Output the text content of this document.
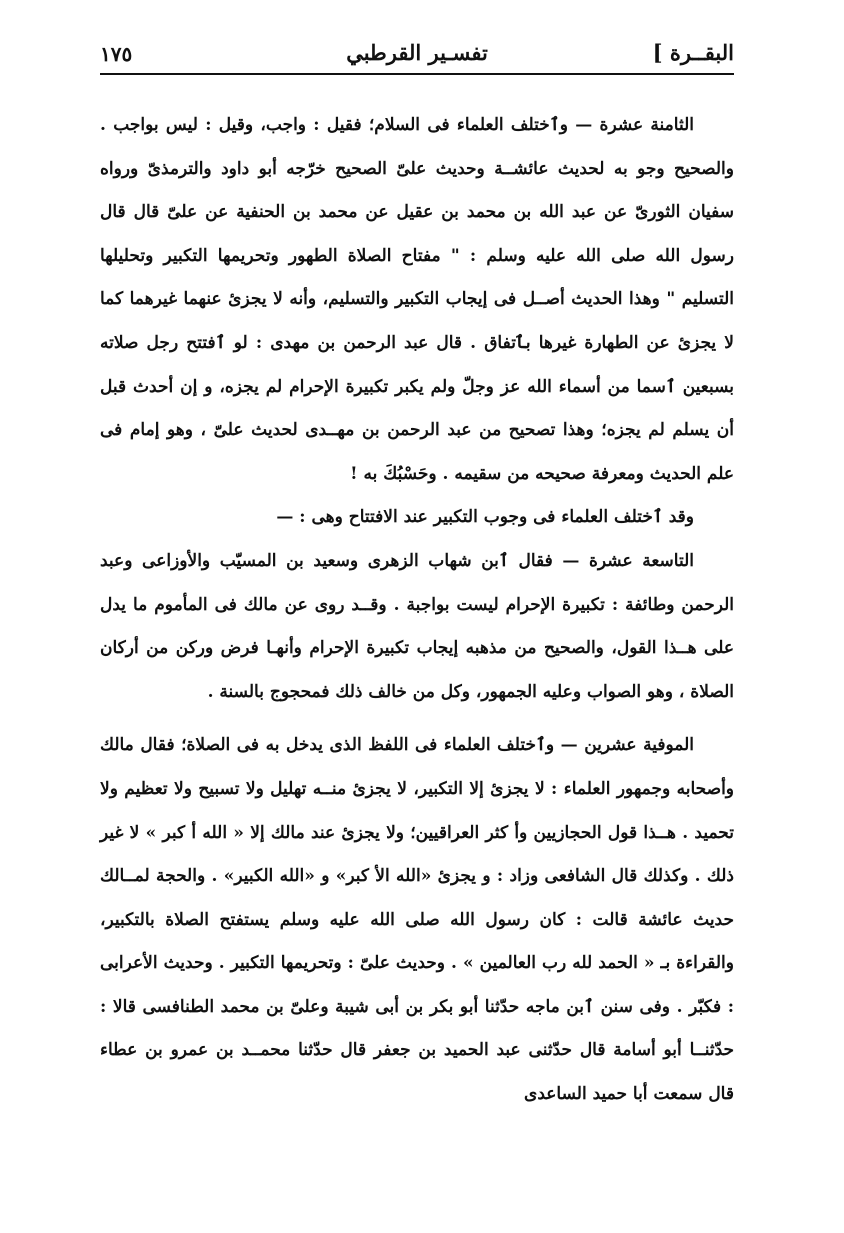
البقــرة ]
تفسـير القرطبي
١٧٥

الثامنة عشرة — وٱختلف العلماء فى السلام؛ فقيل : واجب، وقيل : ليس بواجب . والصحيح وجو به لحديث عائشــة وحديث علىّ الصحيح خرّجه أبو داود والترمذىّ ورواه سفيان الثورىّ عن عبد الله بن محمد بن عقيل عن محمد بن الحنفية عن علىّ قال قال رسول الله صلى الله عليه وسلم : " مفتاح الصلاة الطهور وتحريمها التكبير وتحليلها التسليم " وهذا الحديث أصــل فى إيجاب التكبير والتسليم، وأنه لا يجزئ عنهما غيرهما كما لا يجزئ عن الطهارة غيرها بٱتفاق . قال عبد الرحمن بن مهدى : لو ٱفتتح رجل صلاته بسبعين ٱسما من أسماء الله عز وجلّ ولم يكبر تكبيرة الإحرام لم يجزه، و إن أحدث قبل أن يسلم لم يجزه؛ وهذا تصحيح من عبد الرحمن بن مهــدى لحديث علىّ ، وهو إمام فى علم الحديث ومعرفة صحيحه من سقيمه . وحَسْبُكَ به !

وقد ٱختلف العلماء فى وجوب التكبير عند الافتتاح وهى : —

التاسعة عشرة — فقال ٱبن شهاب الزهرى وسعيد بن المسيّب والأوزاعى وعبد الرحمن وطائفة : تكبيرة الإحرام ليست بواجبة . وقــد روى عن مالك فى المأموم ما يدل على هــذا القول، والصحيح من مذهبه إيجاب تكبيرة الإحرام وأنهـا فرض وركن من أركان الصلاة ، وهو الصواب وعليه الجمهور، وكل من خالف ذلك فمحجوج بالسنة .

الموفية عشرين — وٱختلف العلماء فى اللفظ الذى يدخل به فى الصلاة؛ فقال مالك وأصحابه وجمهور العلماء : لا يجزئ إلا التكبير، لا يجزئ منــه تهليل ولا تسبيح ولا تعظيم ولا تحميد . هــذا قول الحجازيين وأ كثر العراقيين؛ ولا يجزئ عند مالك إلا « الله أ كبر » لا غير ذلك . وكذلك قال الشافعى وزاد : و يجزئ «الله الأ كبر» و «الله الكبير» . والحجة لمــالك حديث عائشة قالت : كان رسول الله صلى الله عليه وسلم يستفتح الصلاة بالتكبير، والقراءة بـ « الحمد لله رب العالمين » . وحديث علىّ : وتحريمها التكبير . وحديث الأعرابى : فكبّر . وفى سنن ٱبن ماجه حدّثنا أبو بكر بن أبى شيبة وعلىّ بن محمد الطنافسى قالا : حدّثنــا أبو أسامة قال حدّثنى عبد الحميد بن جعفر قال حدّثنا محمــد بن عمرو بن عطاء قال سمعت أبا حميد الساعدى
